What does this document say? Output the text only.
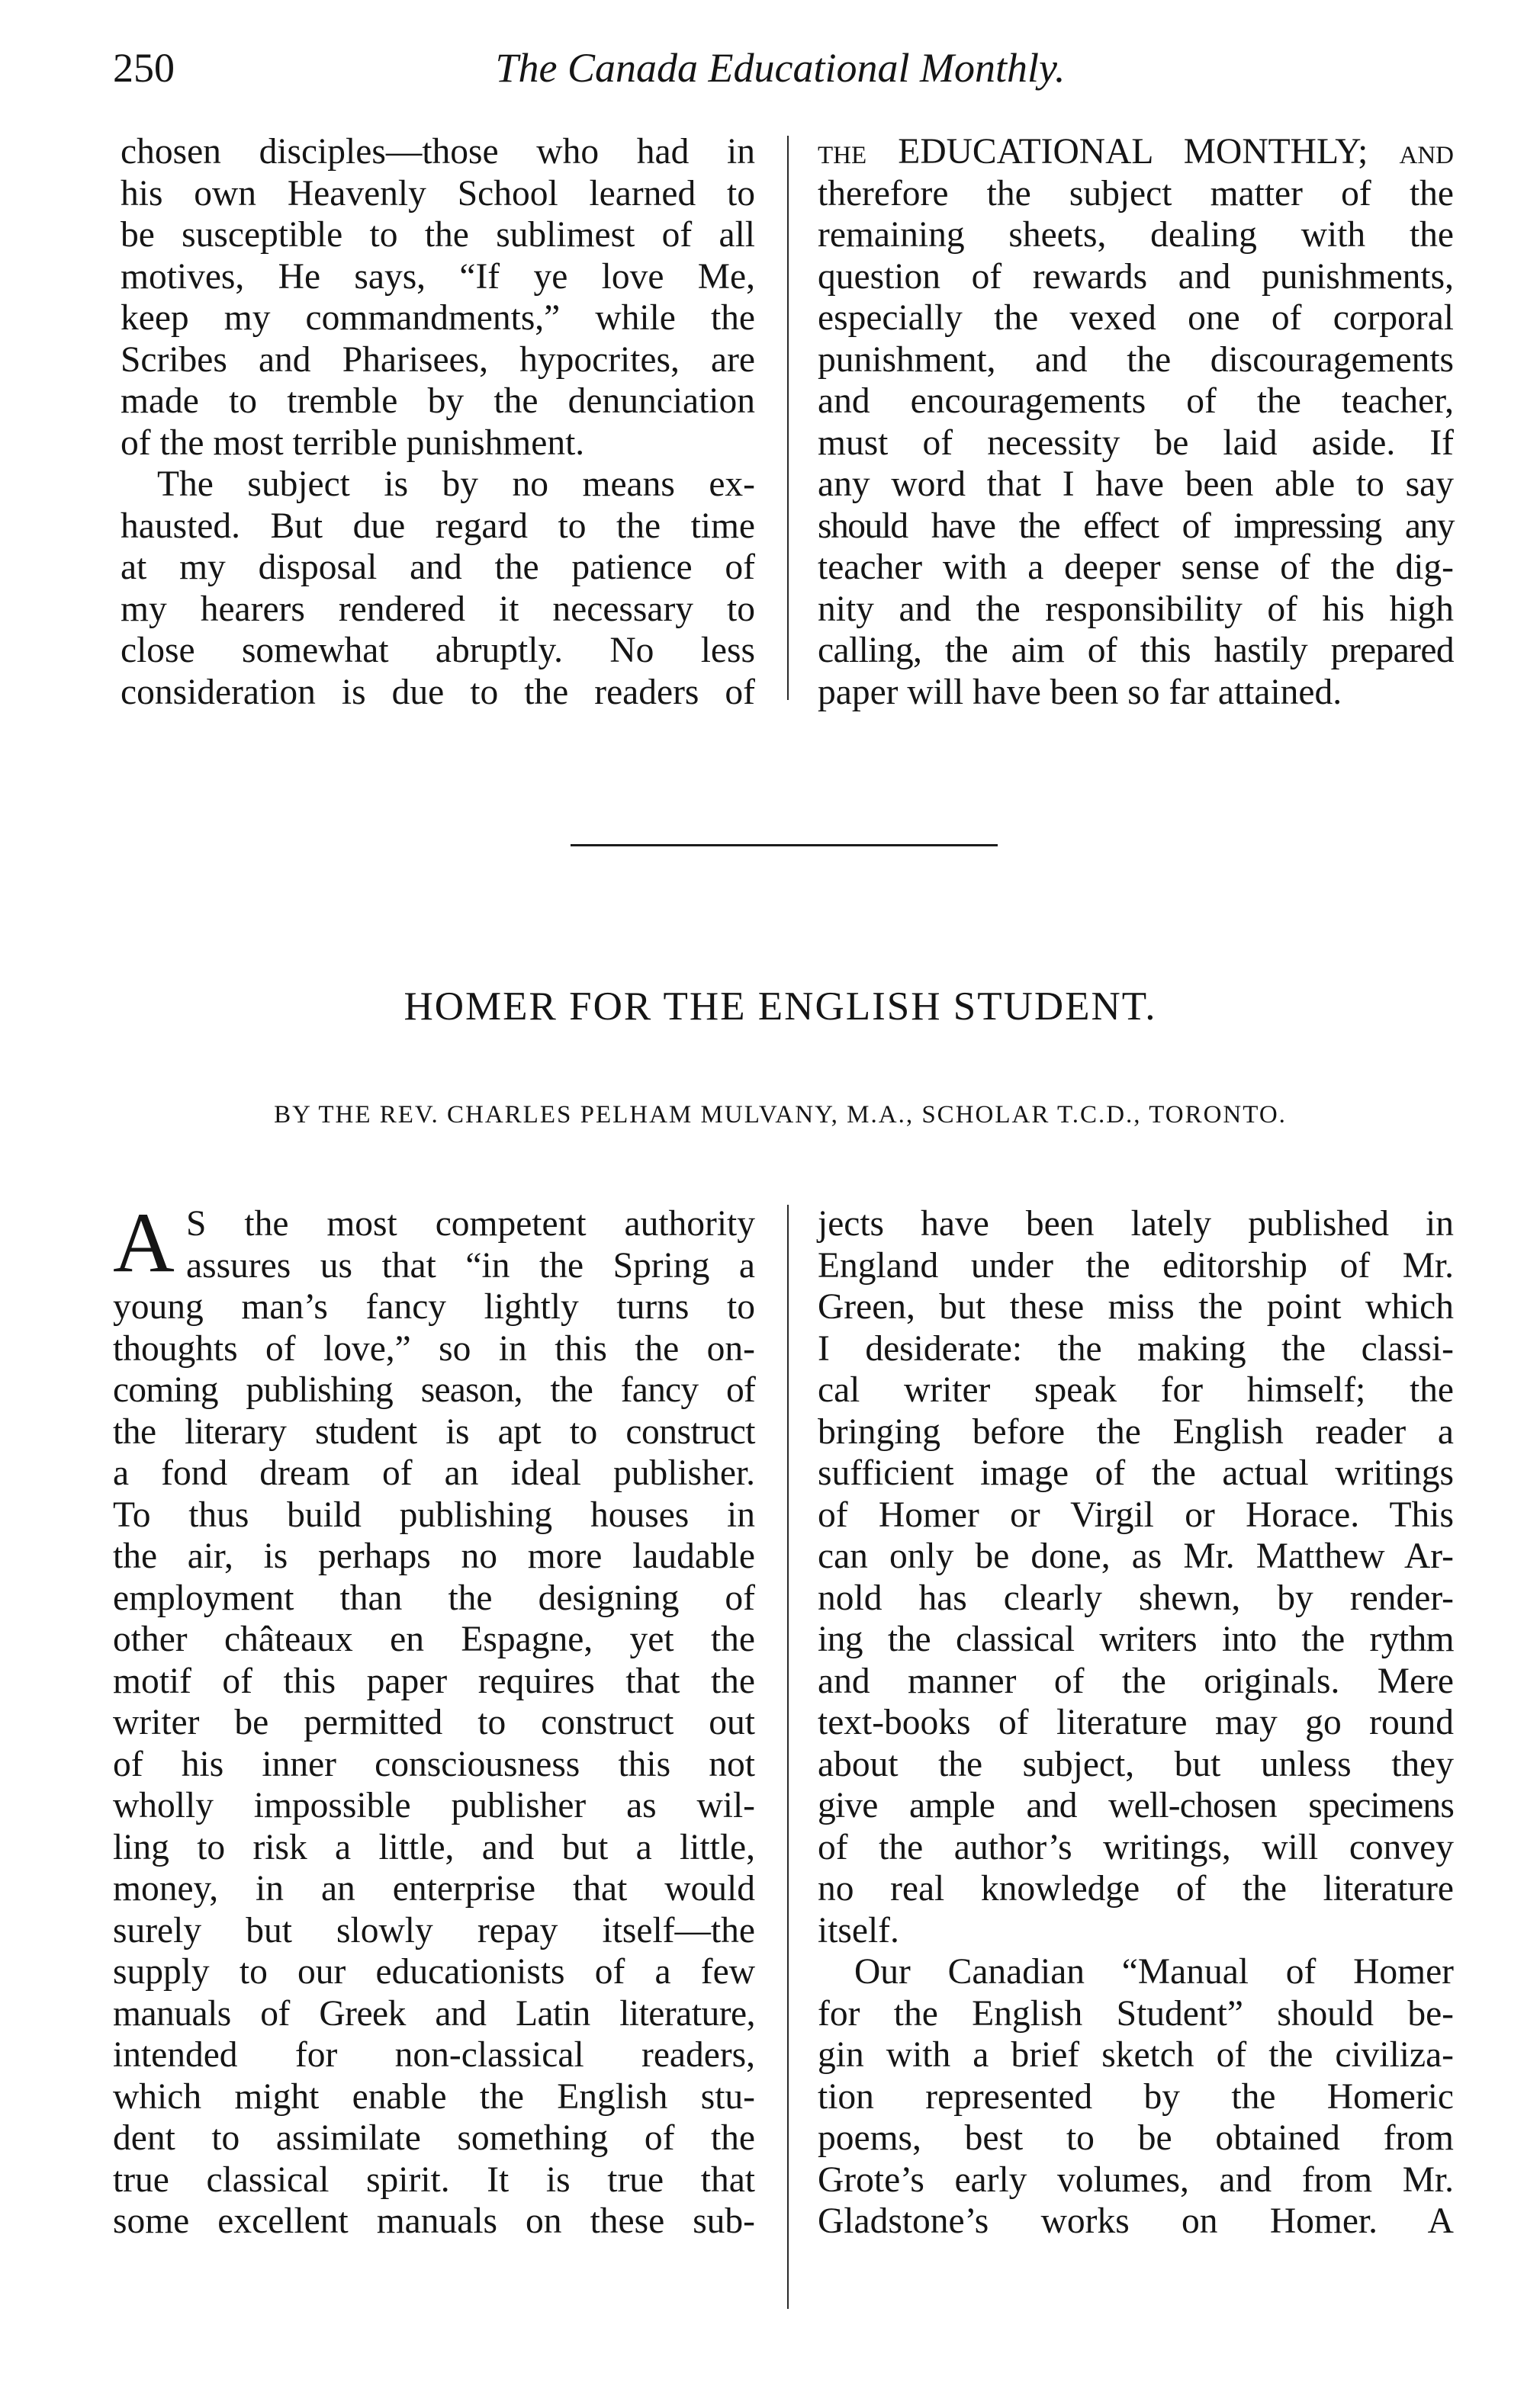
250	The Canada Educational Monthly.

chosen disciples—those who had in
his own Heavenly School learned to
be susceptible to the sublimest of all
motives, He says, “If ye love Me,
keep my commandments,” while the
Scribes and Pharisees, hypocrites, are
made to tremble by the denunciation
of the most terrible punishment.

The subject is by no means ex-
hausted. But due regard to the time
at my disposal and the patience of
my hearers rendered it necessary to
close somewhat abruptly. No less
consideration is due to the readers of

the EDUCATIONAL MONTHLY; and
therefore the subject matter of the
remaining sheets, dealing with the
question of rewards and punishments,
especially the vexed one of corporal
punishment, and the discouragements
and encouragements of the teacher,
must of necessity be laid aside. If
any word that I have been able to say
should have the effect of impressing any
teacher with a deeper sense of the dig-
nity and the responsibility of his high
calling, the aim of this hastily prepared
paper will have been so far attained.

HOMER FOR THE ENGLISH STUDENT.
BY THE REV. CHARLES PELHAM MULVANY, M.A., SCHOLAR T.C.D., TORONTO.

A S the most competent authority
assures us that “in the Spring a
young man’s fancy lightly turns to
thoughts of love,” so in this the on-
coming publishing season, the fancy of
the literary student is apt to construct
a fond dream of an ideal publisher.
To thus build publishing houses in
the air, is perhaps no more laudable
employment than the designing of
other châteaux en Espagne, yet the
motif of this paper requires that the
writer be permitted to construct out
of his inner consciousness this not
wholly impossible publisher as wil-
ling to risk a little, and but a little,
money, in an enterprise that would
surely but slowly repay itself—the
supply to our educationists of a few
manuals of Greek and Latin literature,
intended for non-classical readers,
which might enable the English stu-
dent to assimilate something of the
true classical spirit. It is true that
some excellent manuals on these sub-

jects have been lately published in
England under the editorship of Mr.
Green, but these miss the point which
I desiderate: the making the classi-
cal writer speak for himself; the
bringing before the English reader a
sufficient image of the actual writings
of Homer or Virgil or Horace. This
can only be done, as Mr. Matthew Ar-
nold has clearly shewn, by render-
ing the classical writers into the rythm
and manner of the originals. Mere
text-books of literature may go round
about the subject, but unless they
give ample and well-chosen specimens
of the author’s writings, will convey
no real knowledge of the literature
itself.

Our Canadian “Manual of Homer
for the English Student” should be-
gin with a brief sketch of the civiliza-
tion represented by the Homeric
poems, best to be obtained from
Grote’s early volumes, and from Mr.
Gladstone’s works on Homer. A
